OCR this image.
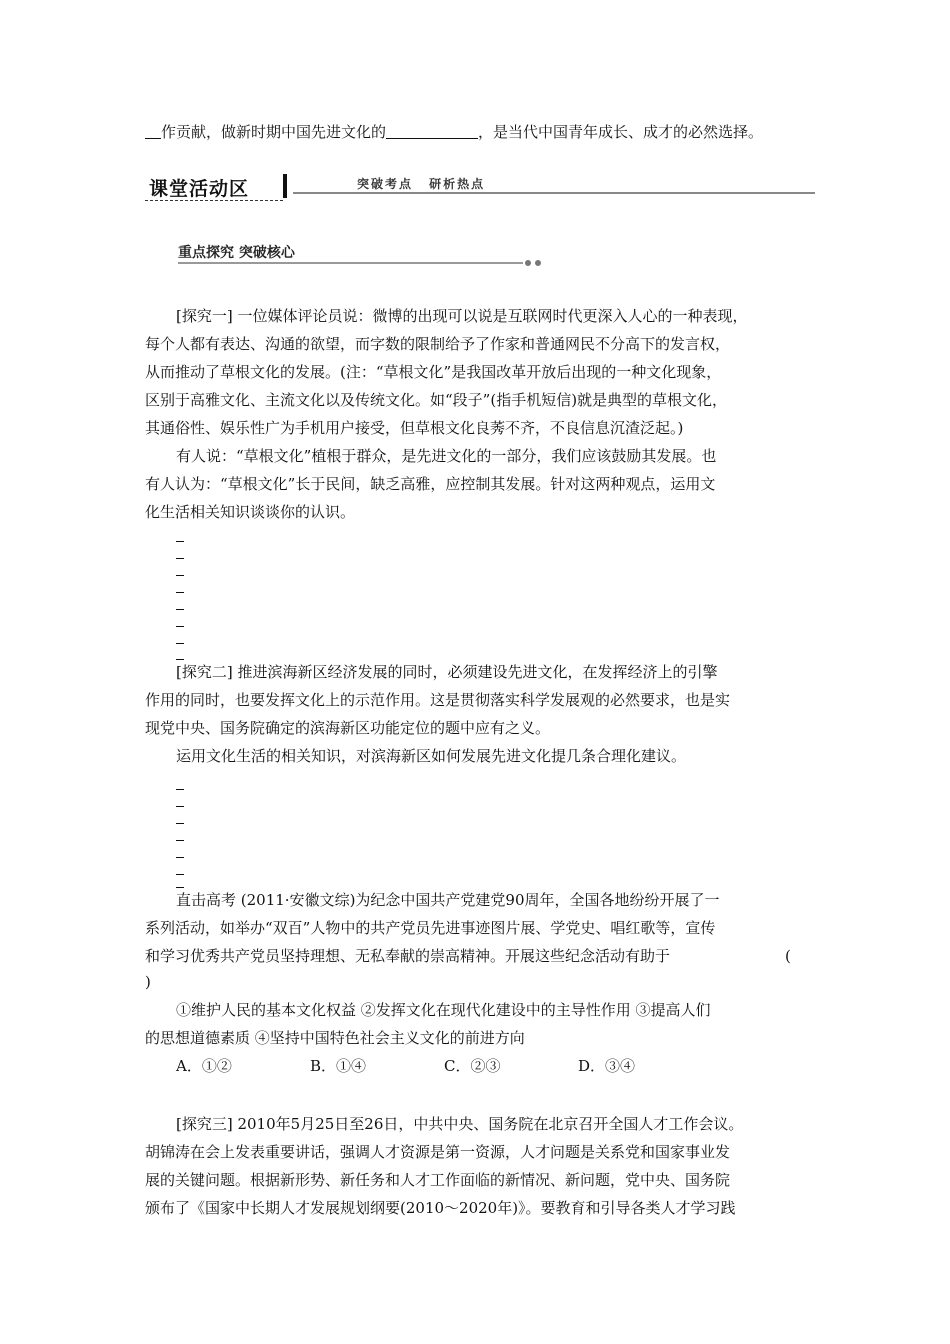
作贡献，做新时期中国先进文化的	，是当代中国青年成长、成才的必然选择。
课堂活动区	突破考点 研析热点
重点探究 突破核心
[探究一] 一位媒体评论员说：微博的出现可以说是互联网时代更深入人心的一种表现，
每个人都有表达、沟通的欲望，而字数的限制给予了作家和普通网民不分高下的发言权，
从而推动了草根文化的发展。(注：“草根文化”是我国改革开放后出现的一种文化现象，
区别于高雅文化、主流文化以及传统文化。如“段子”(指手机短信)就是典型的草根文化，
其通俗性、娱乐性广为手机用户接受，但草根文化良莠不齐，不良信息沉渣泛起。)
有人说：“草根文化”植根于群众，是先进文化的一部分，我们应该鼓励其发展。也
有人认为：“草根文化”长于民间，缺乏高雅，应控制其发展。针对这两种观点，运用文
化生活相关知识谈谈你的认识。
[探究二] 推进滨海新区经济发展的同时，必须建设先进文化，在发挥经济上的引擎
作用的同时，也要发挥文化上的示范作用。这是贯彻落实科学发展观的必然要求，也是实
现党中央、国务院确定的滨海新区功能定位的题中应有之义。
运用文化生活的相关知识，对滨海新区如何发展先进文化提几条合理化建议。
直击高考 (2011·安徽文综)为纪念中国共产党建党90周年，全国各地纷纷开展了一
系列活动，如举办“双百”人物中的共产党员先进事迹图片展、学党史、唱红歌等，宣传
和学习优秀共产党员坚持理想、无私奉献的崇高精神。开展这些纪念活动有助于	(
)
①维护人民的基本文化权益 ②发挥文化在现代化建设中的主导性作用 ③提高人们
的思想道德素质 ④坚持中国特色社会主义文化的前进方向
A．①②	B．①④	C．②③	D．③④
[探究三] 2010年5月25日至26日，中共中央、国务院在北京召开全国人才工作会议。
胡锦涛在会上发表重要讲话，强调人才资源是第一资源，人才问题是关系党和国家事业发
展的关键问题。根据新形势、新任务和人才工作面临的新情况、新问题，党中央、国务院
颁布了《国家中长期人才发展规划纲要(2010～2020年)》。要教育和引导各类人才学习践
